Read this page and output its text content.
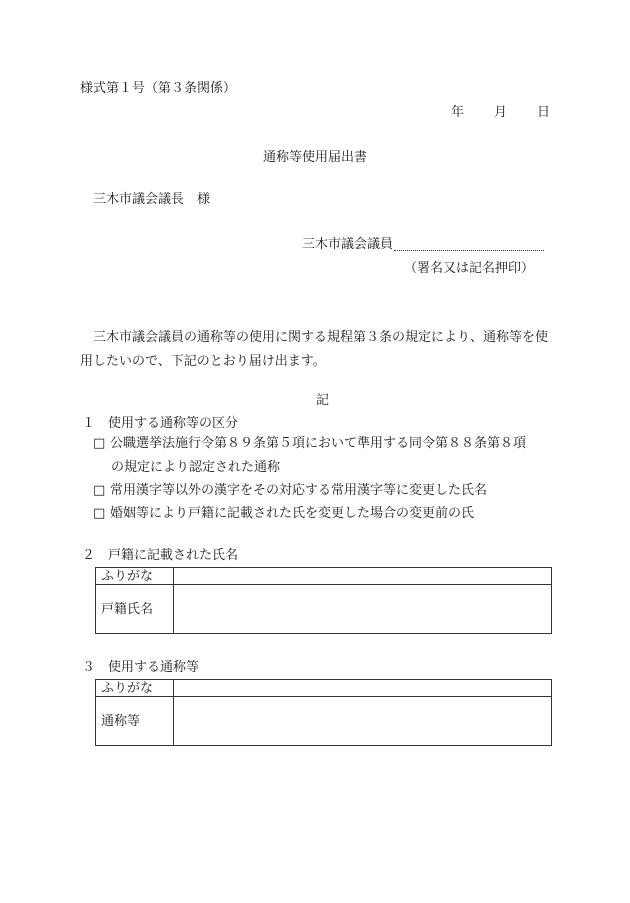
様式第１号（第３条関係）
年 月 日
通称等使用届出書
三木市議会議長　様
三木市議会議員
（署名又は記名押印）
三木市議会議員の通称等の使用に関する規程第３条の規定により、通称等を使用したいので、下記のとおり届け出ます。
記
１ 使用する通称等の区分
□ 公職選挙法施行令第８９条第５項において準用する同令第８８条第８項
の規定により認定された通称
□ 常用漢字等以外の漢字をその対応する常用漢字等に変更した氏名
□ 婚姻等により戸籍に記載された氏を変更した場合の変更前の氏
２ 戸籍に記載された氏名
ふりがな	
戸籍氏名	
３ 使用する通称等
ふりがな	
通称等	
